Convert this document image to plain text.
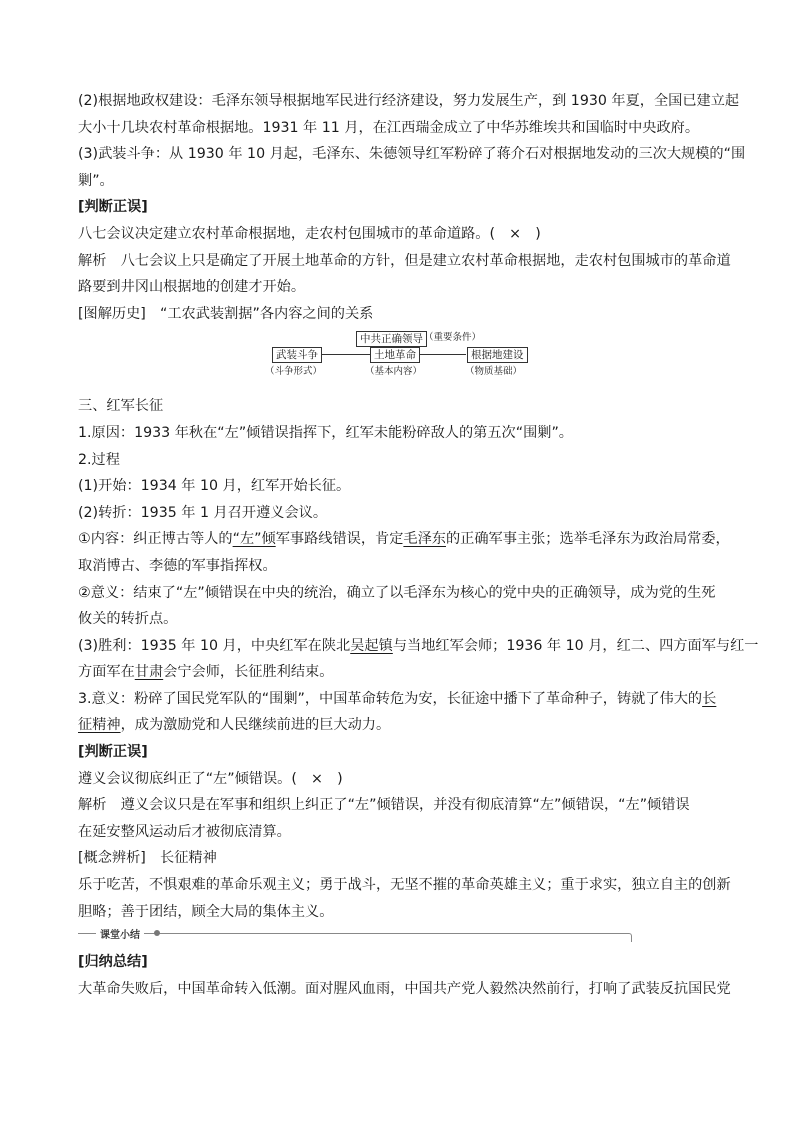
(2)根据地政权建设：毛泽东领导根据地军民进行经济建设，努力发展生产，到 1930 年夏，全国已建立起
大小十几块农村革命根据地。1931 年 11 月，在江西瑞金成立了中华苏维埃共和国临时中央政府。
(3)武装斗争：从 1930 年 10 月起，毛泽东、朱德领导红军粉碎了蒋介石对根据地发动的三次大规模的“围
剿”。
[判断正误]
八七会议决定建立农村革命根据地，走农村包围城市的革命道路。(　×　)
解析　八七会议上只是确定了开展土地革命的方针，但是建立农村革命根据地，走农村包围城市的革命道
路要到井冈山根据地的创建才开始。
[图解历史]　“工农武装割据”各内容之间的关系
中共正确领导 （重要条件）
武装斗争	土地革命	根据地建设
（斗争形式）	（基本内容）	（物质基础）
三、红军长征
1.原因：1933 年秋在“左”倾错误指挥下，红军未能粉碎敌人的第五次“围剿”。
2.过程
(1)开始：1934 年 10 月，红军开始长征。
(2)转折：1935 年 1 月召开遵义会议。
①内容：纠正博古等人的“左”倾军事路线错误，肯定毛泽东的正确军事主张；选举毛泽东为政治局常委，
取消博古、李德的军事指挥权。
②意义：结束了“左”倾错误在中央的统治，确立了以毛泽东为核心的党中央的正确领导，成为党的生死
攸关的转折点。
(3)胜利：1935 年 10 月，中央红军在陕北吴起镇与当地红军会师；1936 年 10 月，红二、四方面军与红一
方面军在甘肃会宁会师，长征胜利结束。
3.意义：粉碎了国民党军队的“围剿”，中国革命转危为安，长征途中播下了革命种子，铸就了伟大的长
征精神，成为激励党和人民继续前进的巨大动力。
[判断正误]
遵义会议彻底纠正了“左”倾错误。(　×　)
解析　遵义会议只是在军事和组织上纠正了“左”倾错误，并没有彻底清算“左”倾错误，“左”倾错误
在延安整风运动后才被彻底清算。
[概念辨析]　长征精神
乐于吃苦，不惧艰难的革命乐观主义；勇于战斗，无坚不摧的革命英雄主义；重于求实，独立自主的创新
胆略；善于团结，顾全大局的集体主义。
课堂小结
[归纳总结]
大革命失败后，中国革命转入低潮。面对腥风血雨，中国共产党人毅然决然前行，打响了武装反抗国民党
